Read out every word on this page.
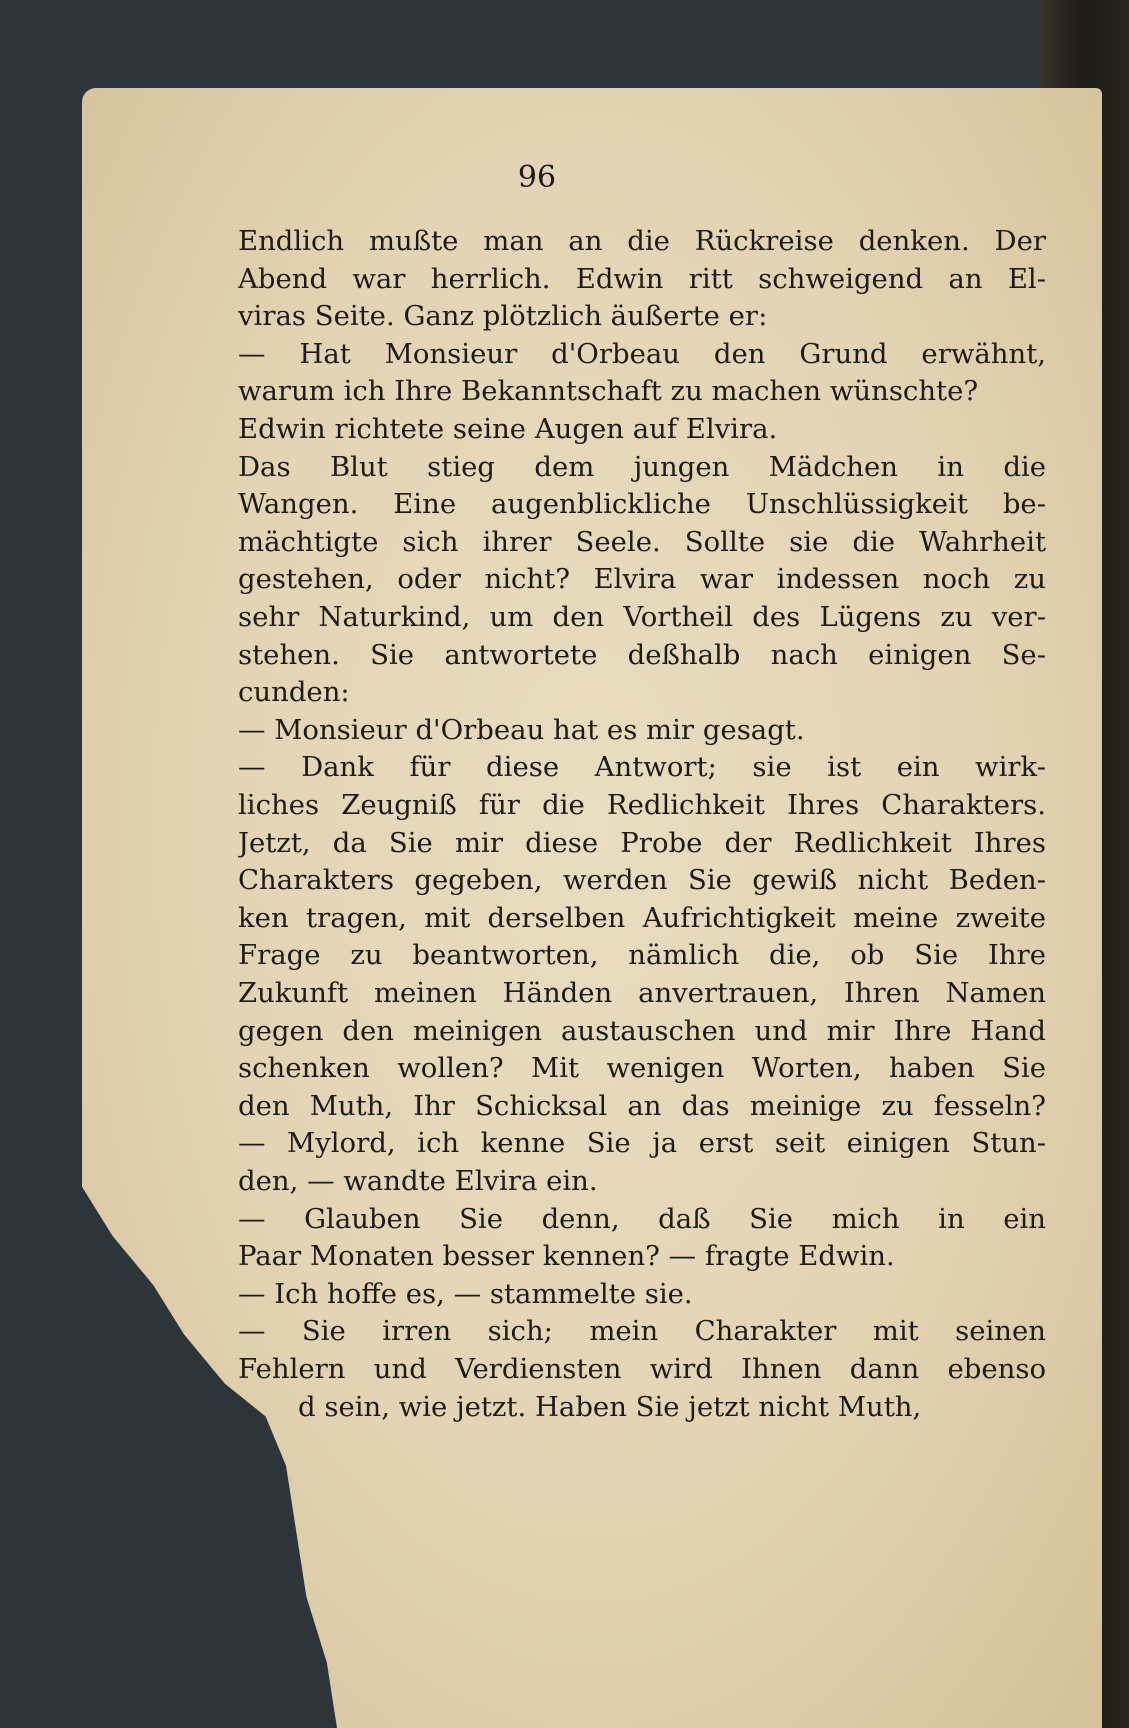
96
Endlich mußte man an die Rückreise denken. Der
Abend war herrlich. Edwin ritt schweigend an El-
viras Seite. Ganz plötzlich äußerte er:
— Hat Monsieur d'Orbeau den Grund erwähnt,
warum ich Ihre Bekanntschaft zu machen wünschte?
Edwin richtete seine Augen auf Elvira.
Das Blut stieg dem jungen Mädchen in die
Wangen. Eine augenblickliche Unschlüssigkeit be-
mächtigte sich ihrer Seele. Sollte sie die Wahrheit
gestehen, oder nicht? Elvira war indessen noch zu
sehr Naturkind, um den Vortheil des Lügens zu ver-
stehen. Sie antwortete deßhalb nach einigen Se-
cunden:
— Monsieur d'Orbeau hat es mir gesagt.
— Dank für diese Antwort; sie ist ein wirk-
liches Zeugniß für die Redlichkeit Ihres Charakters.
Jetzt, da Sie mir diese Probe der Redlichkeit Ihres
Charakters gegeben, werden Sie gewiß nicht Beden-
ken tragen, mit derselben Aufrichtigkeit meine zweite
Frage zu beantworten, nämlich die, ob Sie Ihre
Zukunft meinen Händen anvertrauen, Ihren Namen
gegen den meinigen austauschen und mir Ihre Hand
schenken wollen? Mit wenigen Worten, haben Sie
den Muth, Ihr Schicksal an das meinige zu fesseln?
— Mylord, ich kenne Sie ja erst seit einigen Stun-
den, — wandte Elvira ein.
— Glauben Sie denn, daß Sie mich in ein
Paar Monaten besser kennen? — fragte Edwin.
— Ich hoffe es, — stammelte sie.
— Sie irren sich; mein Charakter mit seinen
Fehlern und Verdiensten wird Ihnen dann ebenso
d sein, wie jetzt. Haben Sie jetzt nicht Muth,
